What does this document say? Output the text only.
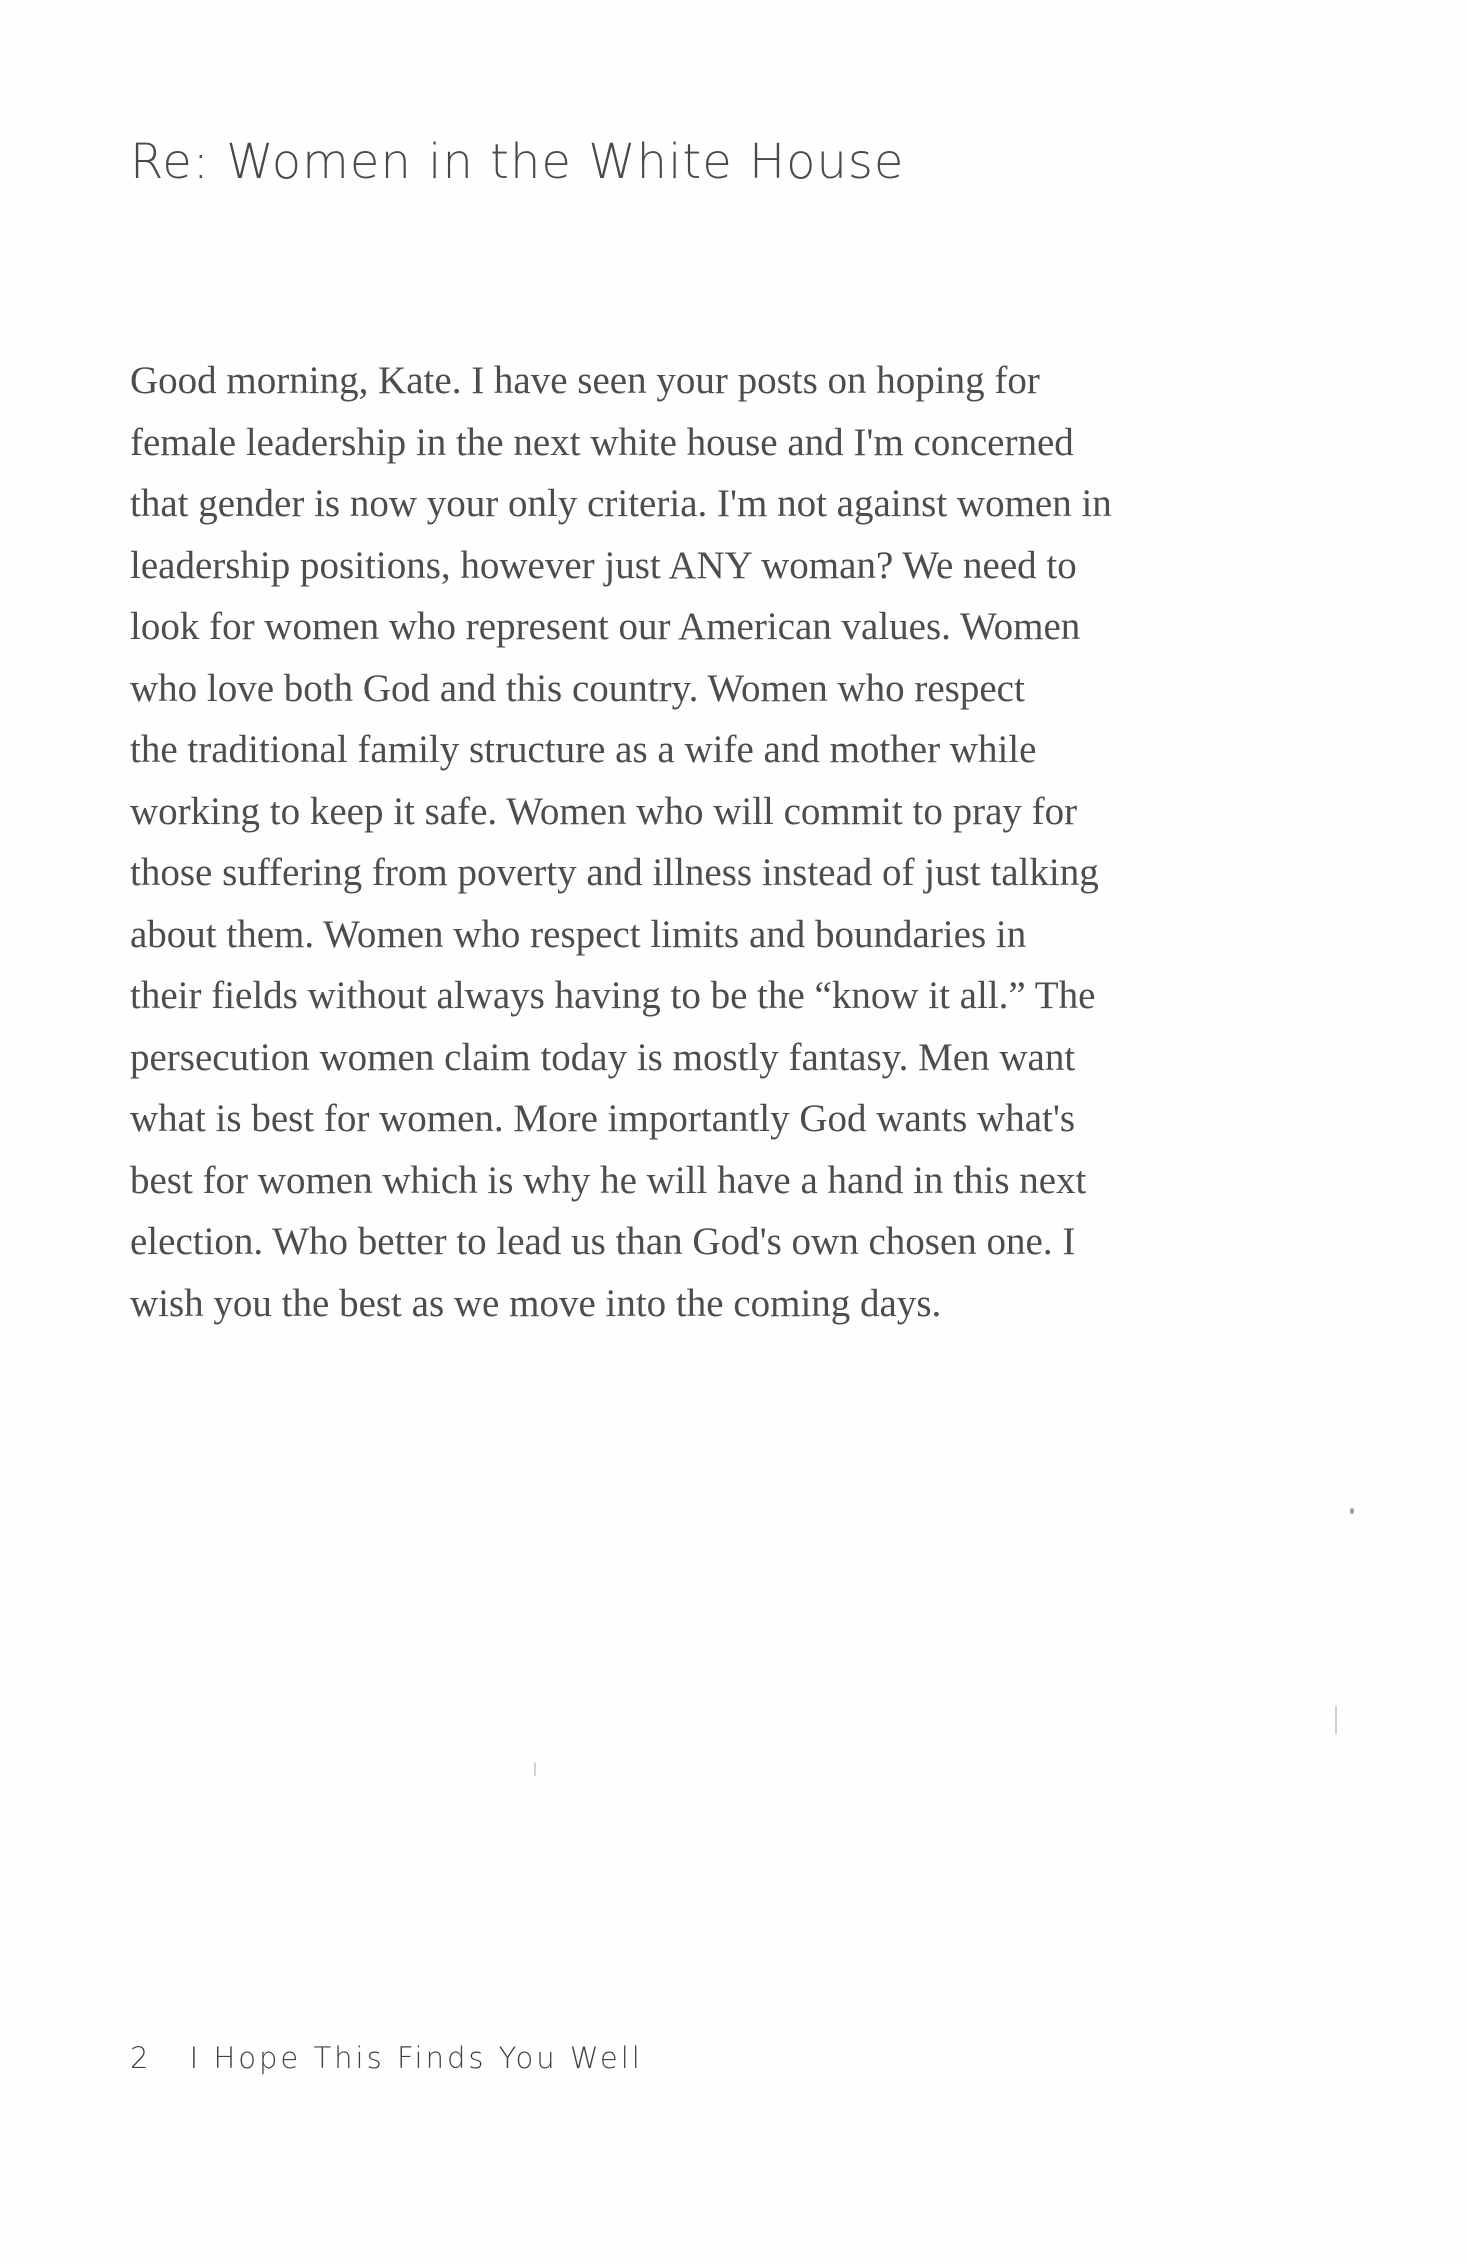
Re: Women in the White House

Good morning, Kate. I have seen your posts on hoping for
female leadership in the next white house and I'm concerned
that gender is now your only criteria. I'm not against women in
leadership positions, however just ANY woman? We need to
look for women who represent our American values. Women
who love both God and this country. Women who respect
the traditional family structure as a wife and mother while
working to keep it safe. Women who will commit to pray for
those suffering from poverty and illness instead of just talking
about them. Women who respect limits and boundaries in
their fields without always having to be the “know it all.” The
persecution women claim today is mostly fantasy. Men want
what is best for women. More importantly God wants what's
best for women which is why he will have a hand in this next
election. Who better to lead us than God's own chosen one. I
wish you the best as we move into the coming days.

2 I Hope This Finds You Well
